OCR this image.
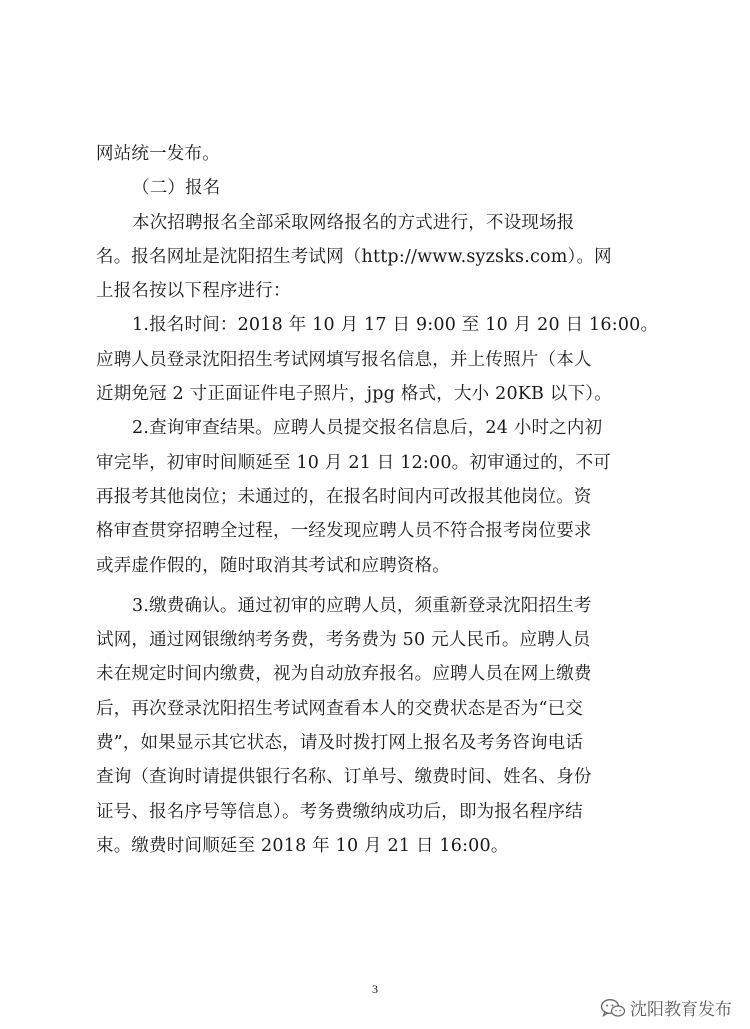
网站统一发布。
（二）报名
本次招聘报名全部采取网络报名的方式进行，不设现场报
名。报名网址是沈阳招生考试网（http://www.syzsks.com）。网
上报名按以下程序进行：
1.报名时间：2018 年 10 月 17 日 9:00 至 10 月 20 日 16:00。
应聘人员登录沈阳招生考试网填写报名信息，并上传照片（本人
近期免冠 2 寸正面证件电子照片，jpg 格式，大小 20KB 以下）。
2.查询审查结果。应聘人员提交报名信息后，24 小时之内初
审完毕，初审时间顺延至 10 月 21 日 12:00。初审通过的，不可
再报考其他岗位；未通过的，在报名时间内可改报其他岗位。资
格审查贯穿招聘全过程，一经发现应聘人员不符合报考岗位要求
或弄虚作假的，随时取消其考试和应聘资格。
3.缴费确认。通过初审的应聘人员，须重新登录沈阳招生考
试网，通过网银缴纳考务费，考务费为 50 元人民币。应聘人员
未在规定时间内缴费，视为自动放弃报名。应聘人员在网上缴费
后，再次登录沈阳招生考试网查看本人的交费状态是否为“已交
费”，如果显示其它状态，请及时拨打网上报名及考务咨询电话
查询（查询时请提供银行名称、订单号、缴费时间、姓名、身份
证号、报名序号等信息）。考务费缴纳成功后，即为报名程序结
束。缴费时间顺延至 2018 年 10 月 21 日 16:00。
3
沈阳教育发布
